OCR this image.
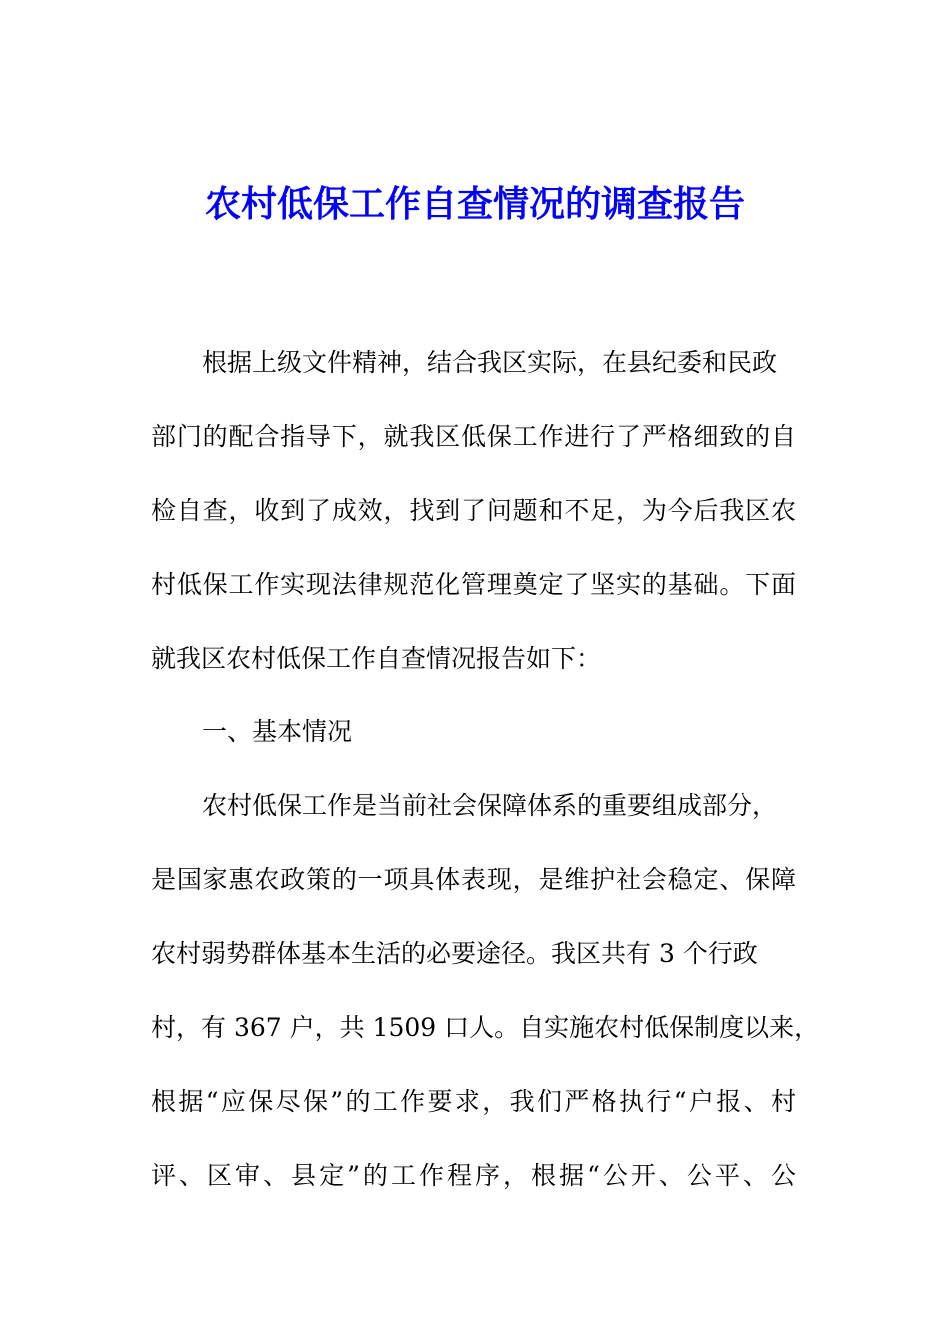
农村低保工作自查情况的调查报告
根据上级文件精神，结合我区实际，在县纪委和民政
部门的配合指导下，就我区低保工作进行了严格细致的自
检自查，收到了成效，找到了问题和不足，为今后我区农
村低保工作实现法律规范化管理奠定了坚实的基础。下面
就我区农村低保工作自查情况报告如下：
一、基本情况
农村低保工作是当前社会保障体系的重要组成部分，
是国家惠农政策的一项具体表现，是维护社会稳定、保障
农村弱势群体基本生活的必要途径。我区共有 3 个行政
村，有 367 户，共 1509 口人。自实施农村低保制度以来，
根据“应保尽保”的工作要求，我们严格执行“户报、村
评、区审、县定”的工作程序，根据“公开、公平、公
